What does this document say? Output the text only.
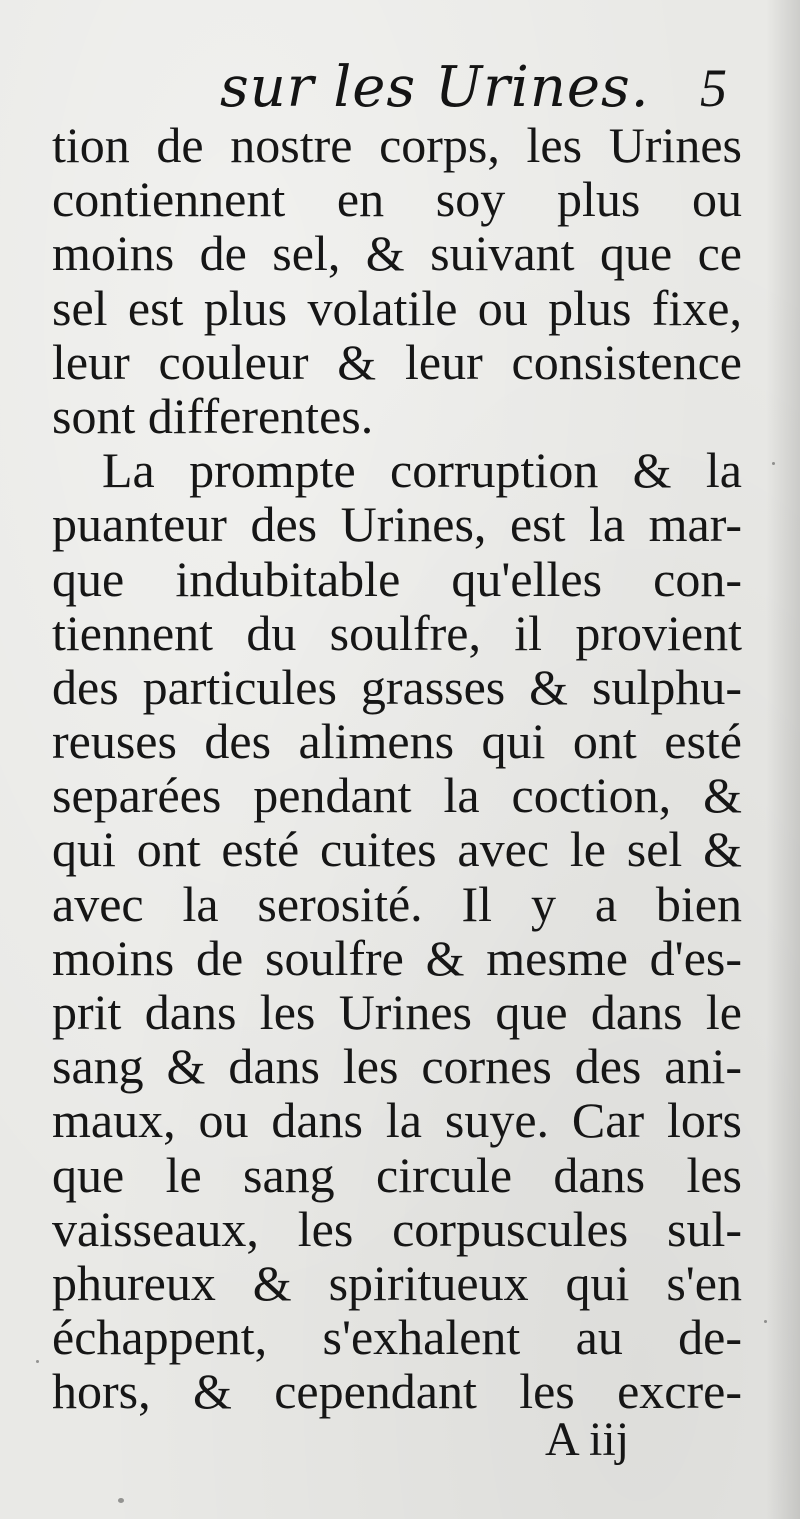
sur les Urines. 5
tion de nostre corps, les Urines
contiennent en soy plus ou
moins de sel, & suivant que ce
sel est plus volatile ou plus fixe,
leur couleur & leur consistence
sont differentes.
La prompte corruption & la
puanteur des Urines, est la mar-
que indubitable qu'elles con-
tiennent du soulfre, il provient
des particules grasses & sulphu-
reuses des alimens qui ont esté
separées pendant la coction, &
qui ont esté cuites avec le sel &
avec la serosité. Il y a bien
moins de soulfre & mesme d'es-
prit dans les Urines que dans le
sang & dans les cornes des ani-
maux, ou dans la suye. Car lors
que le sang circule dans les
vaisseaux, les corpuscules sul-
phureux & spiritueux qui s'en
échappent, s'exhalent au de-
hors, & cependant les excre-
A iij
